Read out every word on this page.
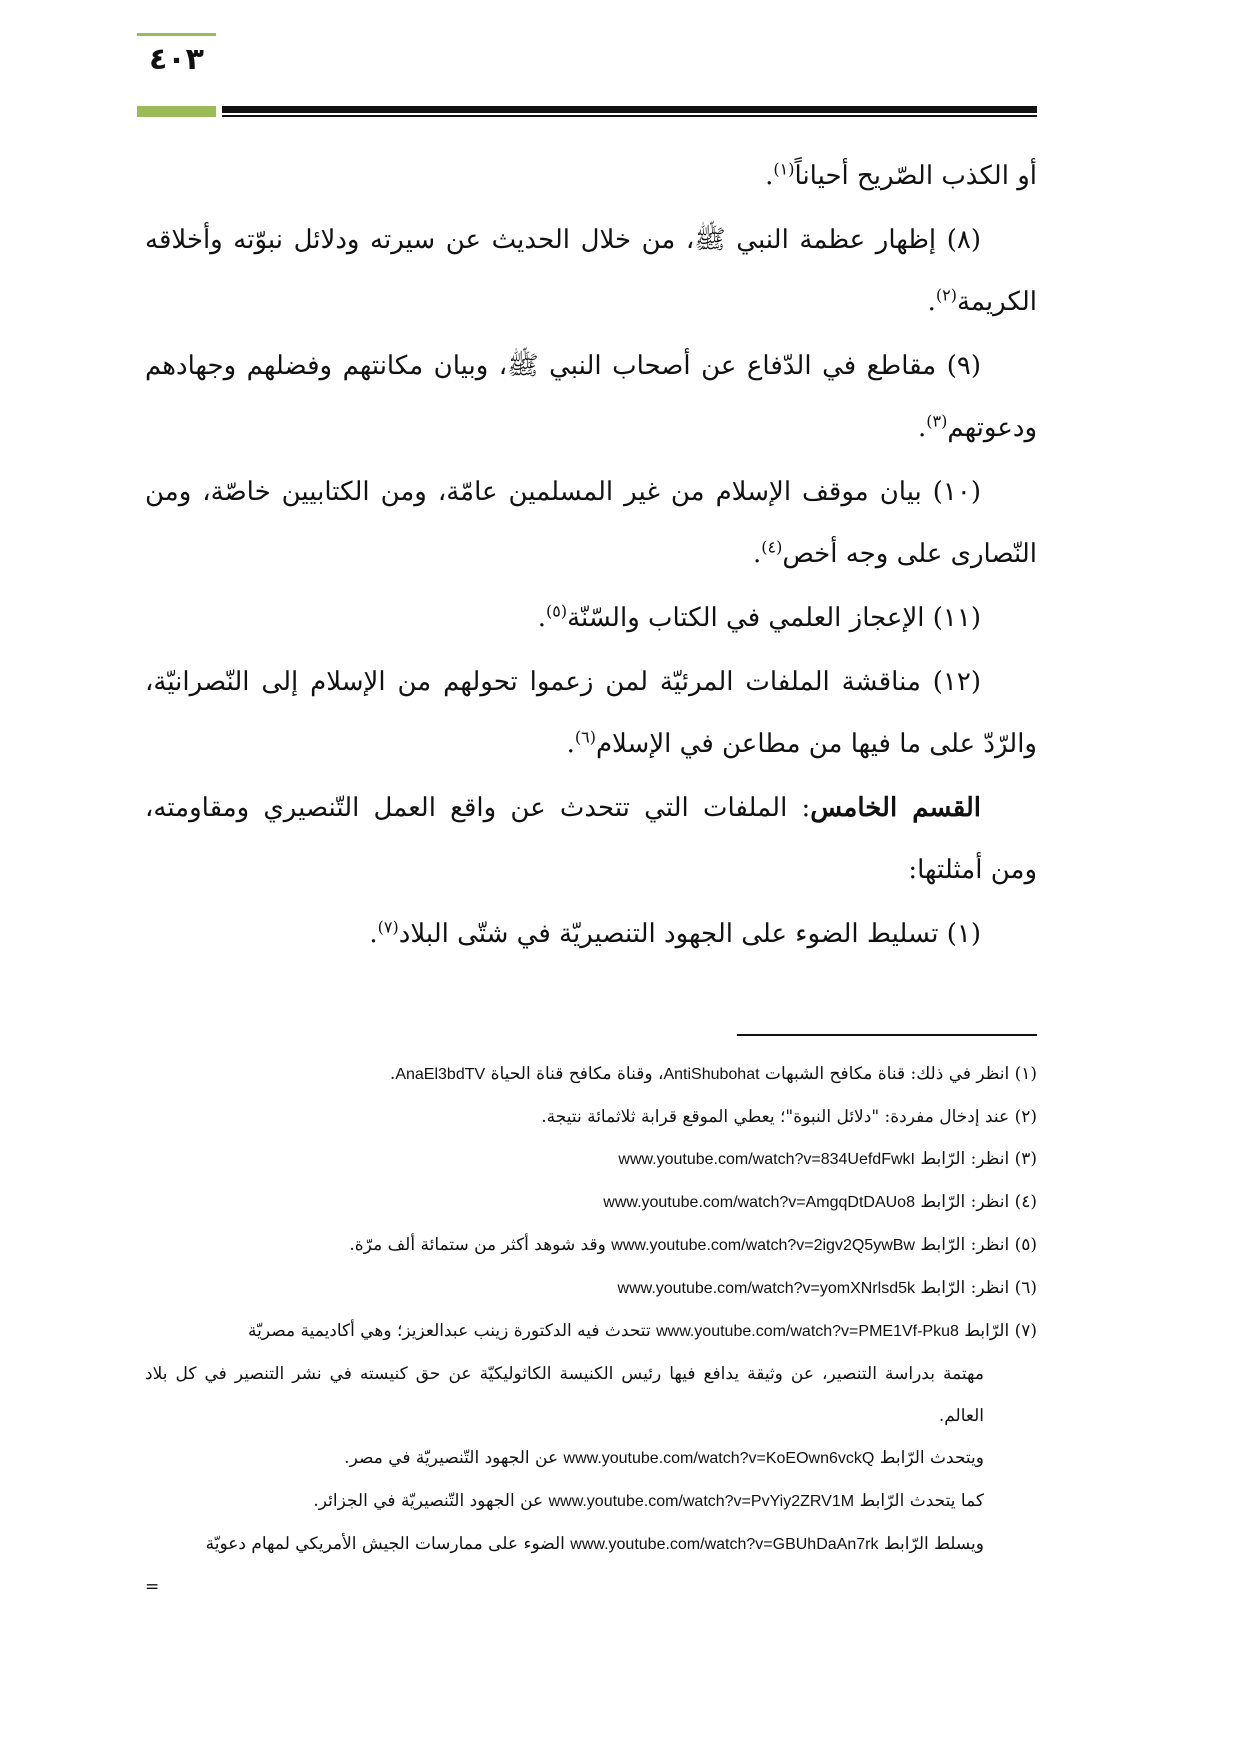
٤٠٣

أو الكذب الصّريح أحياناً$^{(١)}$.

(٨) إظهار عظمة النبي ﷺ، من خلال الحديث عن سيرته ودلائل نبوّته وأخلاقه الكريمة$^{(٢)}$.

(٩) مقاطع في الدّفاع عن أصحاب النبي ﷺ، وبيان مكانتهم وفضلهم وجهادهم ودعوتهم$^{(٣)}$.

(١٠) بيان موقف الإسلام من غير المسلمين عامّة، ومن الكتابيين خاصّة، ومن النّصارى على وجه أخص$^{(٤)}$.

(١١) الإعجاز العلمي في الكتاب والسّنّة$^{(٥)}$.

(١٢) مناقشة الملفات المرئيّة لمن زعموا تحولهم من الإسلام إلى النّصرانيّة، والرّدّ على ما فيها من مطاعن في الإسلام$^{(٦)}$.

القسم الخامس: الملفات التي تتحدث عن واقع العمل التّنصيري ومقاومته، ومن أمثلتها:

(١) تسليط الضوء على الجهود التنصيريّة في شتّى البلاد$^{(٧)}$.

(١) انظر في ذلك: قناة مكافح الشبهات AntiShubohat، وقناة مكافح قناة الحياة AnaEl3bdTV.

(٢) عند إدخال مفردة: "دلائل النبوة"؛ يعطي الموقع قرابة ثلاثمائة نتيجة.

(٣) انظر: الرّابط www.youtube.com/watch?v=834UefdFwkI

(٤) انظر: الرّابط www.youtube.com/watch?v=AmgqDtDAUo8

(٥) انظر: الرّابط www.youtube.com/watch?v=2igv2Q5ywBw وقد شوهد أكثر من ستمائة ألف مرّة.

(٦) انظر: الرّابط www.youtube.com/watch?v=yomXNrlsd5k

(٧) الرّابط www.youtube.com/watch?v=PME1Vf-Pku8 تتحدث فيه الدكتورة زينب عبدالعزيز؛ وهي أكاديمية مصريّة

مهتمة بدراسة التنصير، عن وثيقة يدافع فيها رئيس الكنيسة الكاثوليكيّة عن حق كنيسته في نشر التنصير في كل بلاد العالم.

ويتحدث الرّابط www.youtube.com/watch?v=KoEOwn6vckQ عن الجهود التّنصيريّة في مصر.

كما يتحدث الرّابط www.youtube.com/watch?v=PvYiy2ZRV1M عن الجهود التّنصيريّة في الجزائر.

ويسلط الرّابط www.youtube.com/watch?v=GBUhDaAn7rk الضوء على ممارسات الجيش الأمريكي لمهام دعويّة

=
